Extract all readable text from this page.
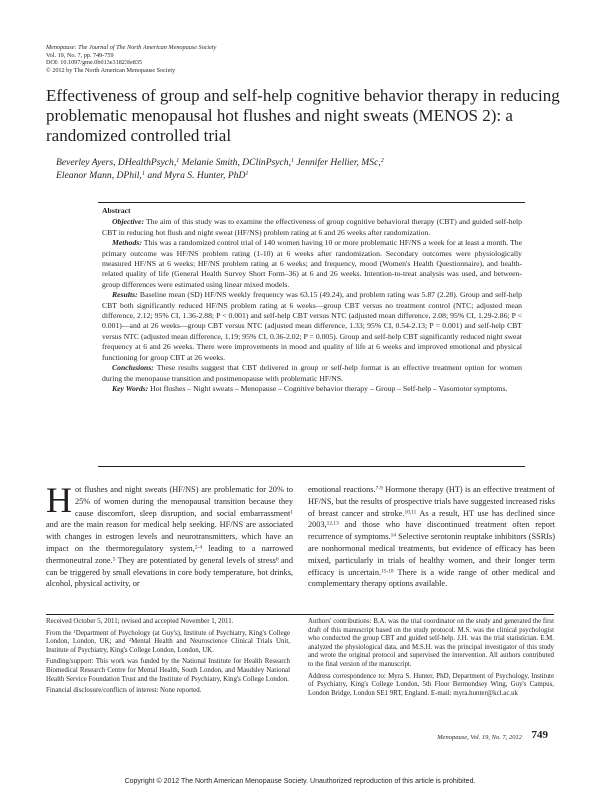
Menopause: The Journal of The North American Menopause Society
Vol. 19, No. 7, pp. 749-759
DOI: 10.1097/gme.0b013e31823fe835
© 2012 by The North American Menopause Society
Effectiveness of group and self-help cognitive behavior therapy in reducing problematic menopausal hot flushes and night sweats (MENOS 2): a randomized controlled trial
Beverley Ayers, DHealthPsych,$^1$ Melanie Smith, DClinPsych,$^1$ Jennifer Hellier, MSc,$^2$
Eleanor Mann, DPhil,$^1$ and Myra S. Hunter, PhD$^1$

Abstract

Objective: The aim of this study was to examine the effectiveness of group cognitive behavioral therapy (CBT) and guided self-help CBT in reducing hot flush and night sweat (HF/NS) problem rating at 6 and 26 weeks after randomization.

Methods: This was a randomized control trial of 140 women having 10 or more problematic HF/NS a week for at least a month. The primary outcome was HF/NS problem rating (1-10) at 6 weeks after randomization. Secondary outcomes were physiologically measured HF/NS at 6 weeks; HF/NS problem rating at 6 weeks; and frequency, mood (Women's Health Questionnaire), and health-related quality of life (General Health Survey Short Form–36) at 6 and 26 weeks. Intention-to-treat analysis was used, and between-group differences were estimated using linear mixed models.

Results: Baseline mean (SD) HF/NS weekly frequency was 63.15 (49.24), and problem rating was 5.87 (2.28). Group and self-help CBT both significantly reduced HF/NS problem rating at 6 weeks—group CBT versus no treatment control (NTC; adjusted mean difference, 2.12; 95% CI, 1.36-2.88; P < 0.001) and self-help CBT versus NTC (adjusted mean difference, 2.08; 95% CI, 1.29-2.86; P < 0.001)—and at 26 weeks—group CBT versus NTC (adjusted mean difference, 1.33; 95% CI, 0.54-2.13; P = 0.001) and self-help CBT versus NTC (adjusted mean difference, 1.19; 95% CI, 0.36-2.02; P = 0.005). Group and self-help CBT significantly reduced night sweat frequency at 6 and 26 weeks. There were improvements in mood and quality of life at 6 weeks and improved emotional and physical functioning for group CBT at 26 weeks.

Conclusions: These results suggest that CBT delivered in group or self-help format is an effective treatment option for women during the menopause transition and postmenopause with problematic HF/NS.

Key Words: Hot flushes – Night sweats – Menopause – Cognitive behavior therapy – Group – Self-help – Vasomotor symptoms.

Hot flushes and night sweats (HF/NS) are problematic for 20% to 25% of women during the menopausal transition because they cause discomfort, sleep disruption, and social embarrassment$^1$ and are the main reason for medical help seeking. HF/NS are associated with changes in estrogen levels and neurotransmitters, which have an impact on the thermoregulatory system,$^{2-4}$ leading to a narrowed thermoneutral zone.$^5$ They are potentiated by general levels of stress$^6$ and can be triggered by small elevations in core body temperature, hot drinks, alcohol, physical activity, or

emotional reactions.$^{7-9}$ Hormone therapy (HT) is an effective treatment of HF/NS, but the results of prospective trials have suggested increased risks of breast cancer and stroke.$^{10,11}$ As a result, HT use has declined since 2003,$^{12,13}$ and those who have discontinued treatment often report recurrence of symptoms.$^{14}$ Selective serotonin reuptake inhibitors (SSRIs) are nonhormonal medical treatments, but evidence of efficacy has been mixed, particularly in trials of healthy women, and their longer term efficacy is uncertain.$^{15-18}$ There is a wide range of other medical and complementary therapy options available.

Received October 5, 2011; revised and accepted November 1, 2011.

From the $^1$Department of Psychology (at Guy's), Institute of Psychiatry, King's College London, London, UK; and $^2$Mental Health and Neuroscience Clinical Trials Unit, Institute of Psychiatry, King's College London, London, UK.

Funding/support: This work was funded by the National Institute for Health Research Biomedical Research Centre for Mental Health, South London, and Maudsley National Health Service Foundation Trust and the Institute of Psychiatry, King's College London.

Financial disclosure/conflicts of interest: None reported.

Authors' contributions: B.A. was the trial coordinator on the study and generated the first draft of this manuscript based on the study protocol. M.S. was the clinical psychologist who conducted the group CBT and guided self-help. J.H. was the trial statistician. E.M. analyzed the physiological data, and M.S.H. was the principal investigator of this study and wrote the original protocol and supervised the intervention. All authors contributed to the final version of the manuscript.

Address correspondence to: Myra S. Hunter, PhD, Department of Psychology, Institute of Psychiatry, King's College London, 5th Floor Bermondsey Wing, Guy's Campus, London Bridge, London SE1 9RT, England. E-mail: myra.hunter@kcl.ac.uk

Menopause, Vol. 19, No. 7, 2012 749
Copyright © 2012 The North American Menopause Society. Unauthorized reproduction of this article is prohibited.
